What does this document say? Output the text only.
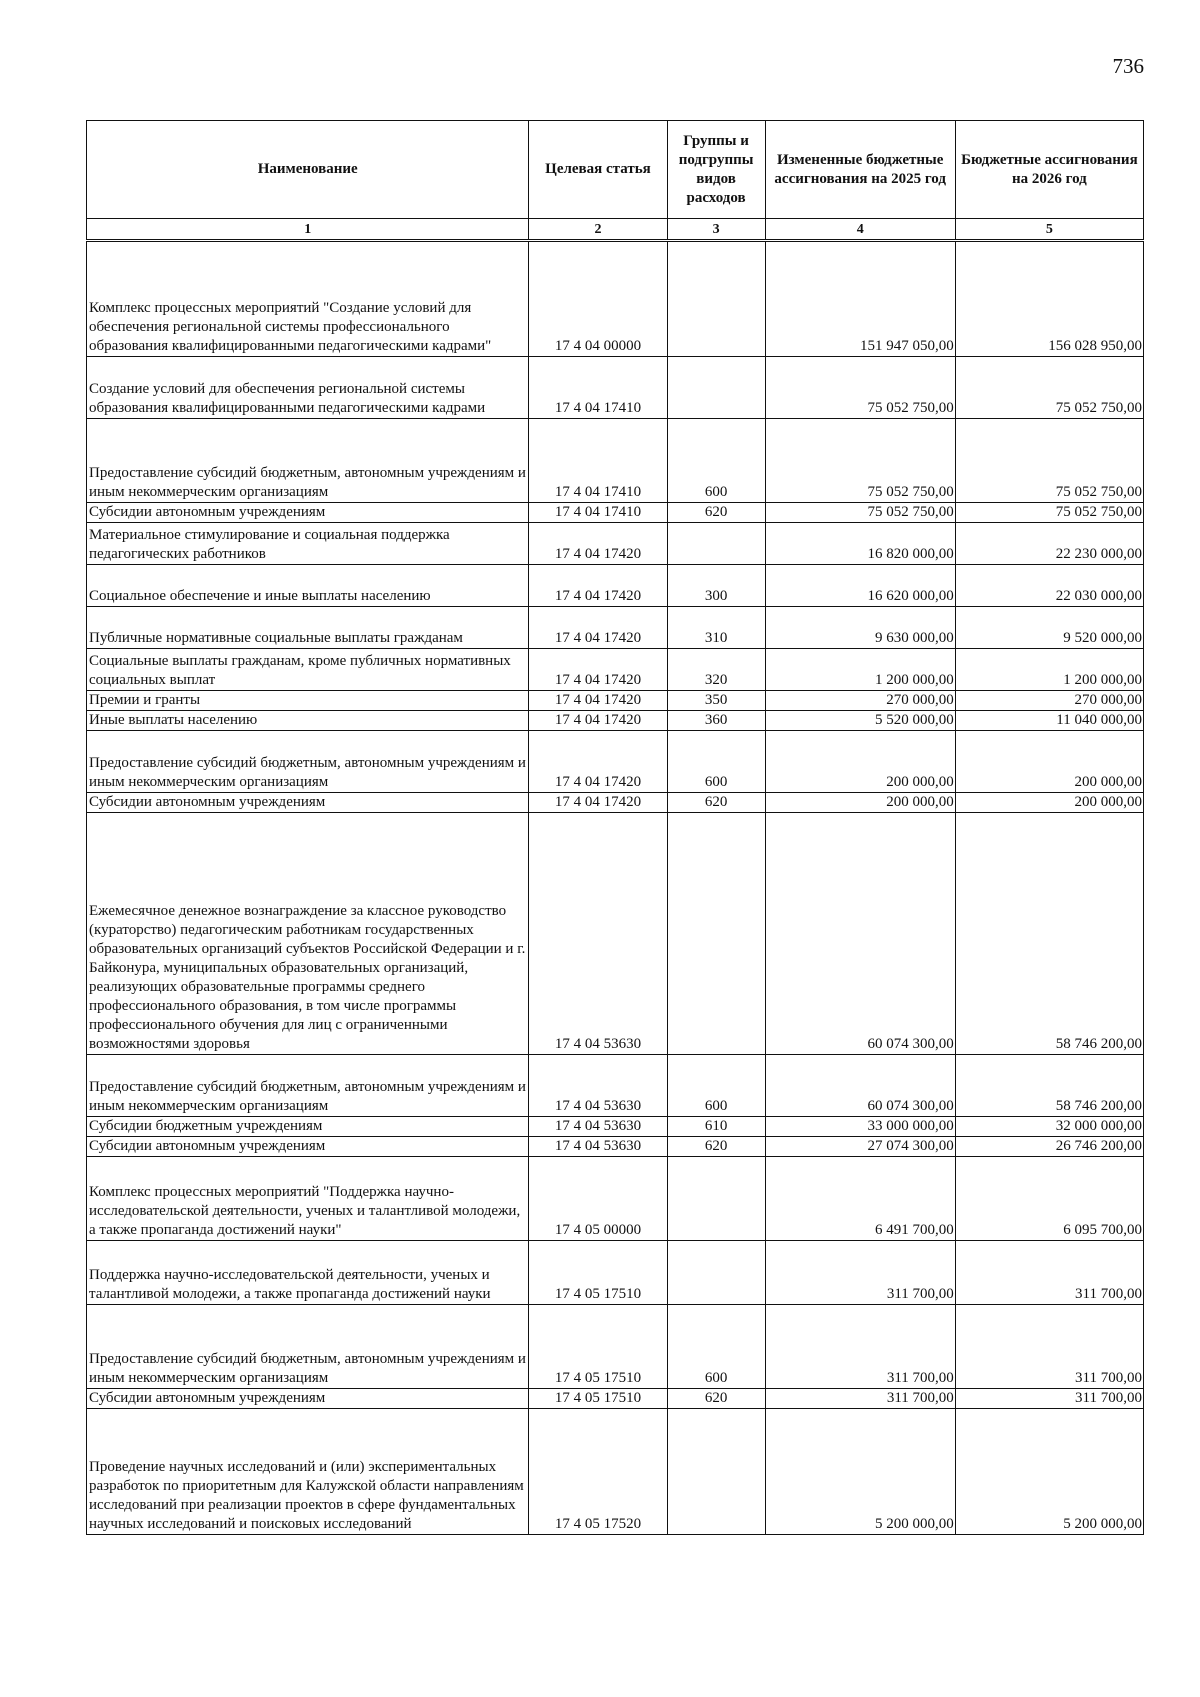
736
Наименование	Целевая статья	Группы и подгруппы видов расходов	Измененные бюджетные ассигнования на 2025 год	Бюджетные ассигнования на 2026 год
1	2	3	4	5
Комплекс процессных мероприятий "Создание условий для обеспечения региональной системы профессионального образования квалифицированными педагогическими кадрами"	17 4 04 00000		151 947 050,00	156 028 950,00
Создание условий для обеспечения региональной системы образования квалифицированными педагогическими кадрами	17 4 04 17410		75 052 750,00	75 052 750,00
Предоставление субсидий бюджетным, автономным учреждениям и иным некоммерческим организациям	17 4 04 17410	600	75 052 750,00	75 052 750,00
Субсидии автономным учреждениям	17 4 04 17410	620	75 052 750,00	75 052 750,00
Материальное стимулирование и социальная поддержка педагогических работников	17 4 04 17420		16 820 000,00	22 230 000,00
Социальное обеспечение и иные выплаты населению	17 4 04 17420	300	16 620 000,00	22 030 000,00
Публичные нормативные социальные выплаты гражданам	17 4 04 17420	310	9 630 000,00	9 520 000,00
Социальные выплаты гражданам, кроме публичных нормативных социальных выплат	17 4 04 17420	320	1 200 000,00	1 200 000,00
Премии и гранты	17 4 04 17420	350	270 000,00	270 000,00
Иные выплаты населению	17 4 04 17420	360	5 520 000,00	11 040 000,00
Предоставление субсидий бюджетным, автономным учреждениям и иным некоммерческим организациям	17 4 04 17420	600	200 000,00	200 000,00
Субсидии автономным учреждениям	17 4 04 17420	620	200 000,00	200 000,00
Ежемесячное денежное вознаграждение за классное руководство (кураторство) педагогическим работникам государственных образовательных организаций субъектов Российской Федерации и г. Байконура, муниципальных образовательных организаций, реализующих образовательные программы среднего профессионального образования, в том числе программы профессионального обучения для лиц с ограниченными возможностями здоровья	17 4 04 53630		60 074 300,00	58 746 200,00
Предоставление субсидий бюджетным, автономным учреждениям и иным некоммерческим организациям	17 4 04 53630	600	60 074 300,00	58 746 200,00
Субсидии бюджетным учреждениям	17 4 04 53630	610	33 000 000,00	32 000 000,00
Субсидии автономным учреждениям	17 4 04 53630	620	27 074 300,00	26 746 200,00
Комплекс процессных мероприятий "Поддержка научно-исследовательской деятельности, ученых и талантливой молодежи, а также пропаганда достижений науки"	17 4 05 00000		6 491 700,00	6 095 700,00
Поддержка научно-исследовательской деятельности, ученых и талантливой молодежи, а также пропаганда достижений науки	17 4 05 17510		311 700,00	311 700,00
Предоставление субсидий бюджетным, автономным учреждениям и иным некоммерческим организациям	17 4 05 17510	600	311 700,00	311 700,00
Субсидии автономным учреждениям	17 4 05 17510	620	311 700,00	311 700,00
Проведение научных исследований и (или) экспериментальных разработок по приоритетным для Калужской области направлениям исследований при реализации проектов в сфере фундаментальных научных исследований и поисковых исследований	17 4 05 17520		5 200 000,00	5 200 000,00
